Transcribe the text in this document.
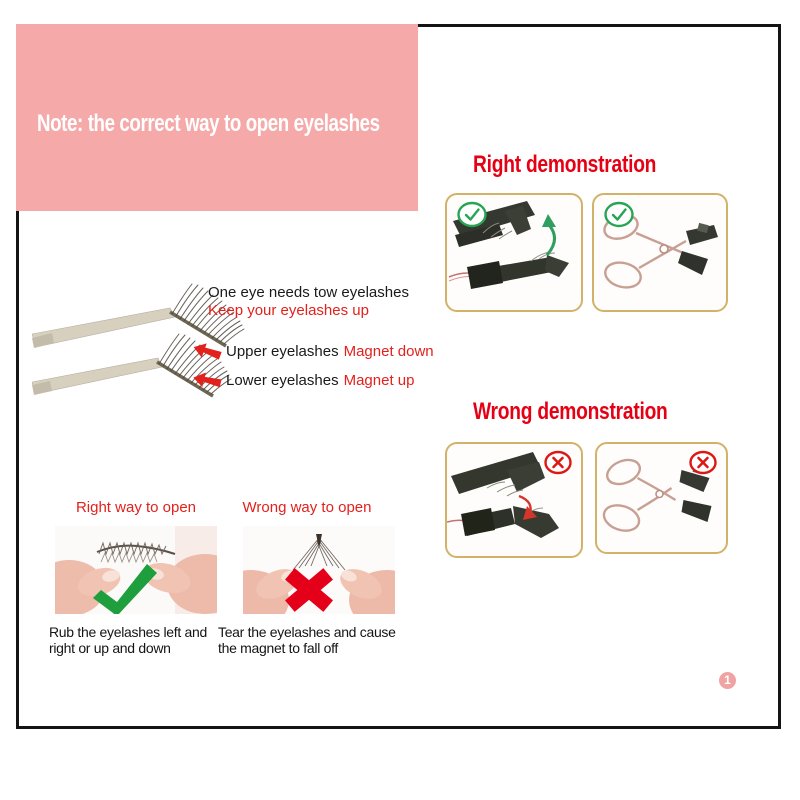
Note: the correct way to open eyelashes
Right demonstration
Wrong demonstration
One eye needs tow eyelashes
Keep your eyelashes up
Upper eyelashes Magnet down
Lower eyelashes Magnet up
Right way to open	Wrong way to open
Rub the eyelashes left and
right or up and down
Tear the eyelashes and cause
the magnet to fall off
1
